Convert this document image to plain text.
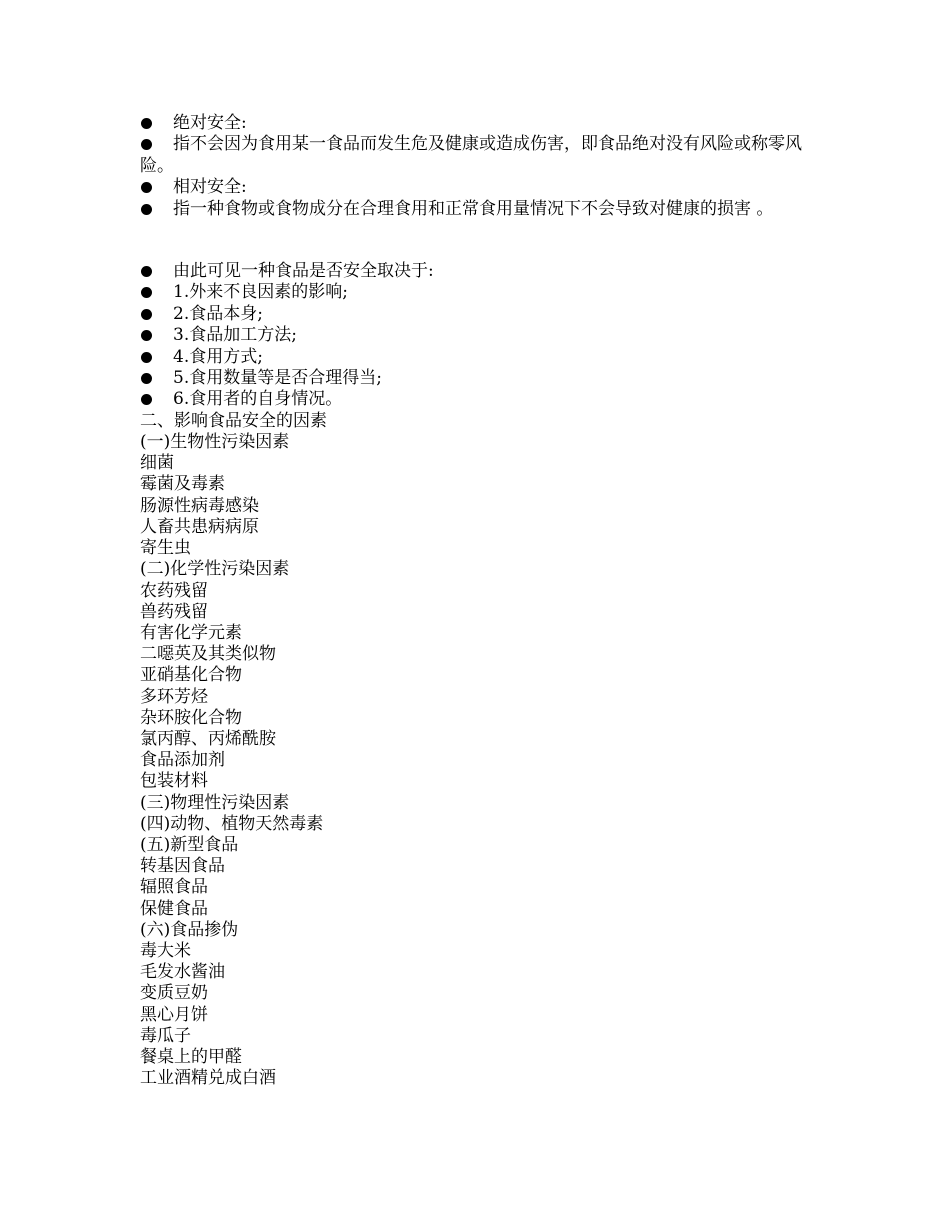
绝对安全:
指不会因为食用某一食品而发生危及健康或造成伤害，即食品绝对没有风险或称零风险。
相对安全:
指一种食物或食物成分在合理食用和正常食用量情况下不会导致对健康的损害 。
由此可见一种食品是否安全取决于:
1.外来不良因素的影响;
2.食品本身;
3.食品加工方法;
4.食用方式;
5.食用数量等是否合理得当;
6.食用者的自身情况。
二、影响食品安全的因素
(一)生物性污染因素
细菌
霉菌及毒素
肠源性病毒感染
人畜共患病病原
寄生虫
(二)化学性污染因素
农药残留
兽药残留
有害化学元素
二噁英及其类似物
亚硝基化合物
多环芳烃
杂环胺化合物
氯丙醇、丙烯酰胺
食品添加剂
包装材料
(三)物理性污染因素
(四)动物、植物天然毒素
(五)新型食品
转基因食品
辐照食品
保健食品
(六)食品掺伪
毒大米
毛发水酱油
变质豆奶
黑心月饼
毒瓜子
餐桌上的甲醛
工业酒精兑成白酒
